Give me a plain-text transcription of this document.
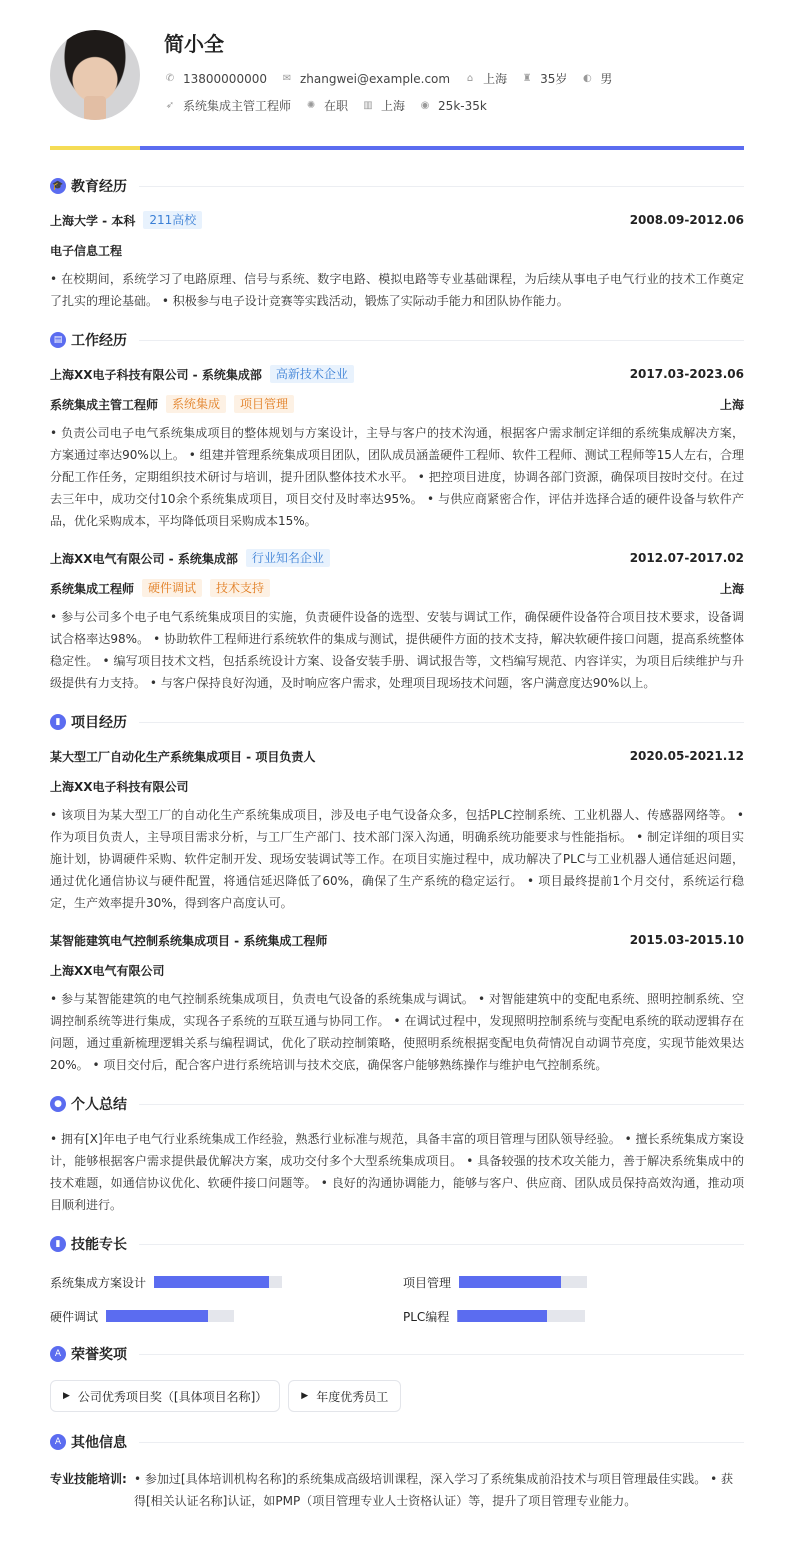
简小全
✆ 13800000000 ✉ zhangwei@example.com ⌂ 上海 ♜ 35岁 ◐ 男
➶ 系统集成主管工程师 ✺ 在职 ▥ 上海 ◉ 25k-35k
🎓 教育经历
上海大学 - 本科	211高校	2008.09-2012.06
电子信息工程
• 在校期间，系统学习了电路原理、信号与系统、数字电路、模拟电路等专业基础课程，为后续从事电子电气行业的技术工作奠定了扎实的理论基础。 • 积极参与电子设计竞赛等实践活动，锻炼了实际动手能力和团队协作能力。
▤ 工作经历
上海XX电子科技有限公司 - 系统集成部	高新技术企业	2017.03-2023.06
系统集成主管工程师	系统集成	项目管理	上海
• 负责公司电子电气系统集成项目的整体规划与方案设计，主导与客户的技术沟通，根据客户需求制定详细的系统集成解决方案，方案通过率达90%以上。 • 组建并管理系统集成项目团队，团队成员涵盖硬件工程师、软件工程师、测试工程师等15人左右，合理分配工作任务，定期组织技术研讨与培训，提升团队整体技术水平。 • 把控项目进度，协调各部门资源，确保项目按时交付。在过去三年中，成功交付10余个系统集成项目，项目交付及时率达95%。 • 与供应商紧密合作，评估并选择合适的硬件设备与软件产品，优化采购成本，平均降低项目采购成本15%。
上海XX电气有限公司 - 系统集成部	行业知名企业	2012.07-2017.02
系统集成工程师	硬件调试	技术支持	上海
• 参与公司多个电子电气系统集成项目的实施，负责硬件设备的选型、安装与调试工作，确保硬件设备符合项目技术要求，设备调试合格率达98%。 • 协助软件工程师进行系统软件的集成与测试，提供硬件方面的技术支持，解决软硬件接口问题，提高系统整体稳定性。 • 编写项目技术文档，包括系统设计方案、设备安装手册、调试报告等，文档编写规范、内容详实，为项目后续维护与升级提供有力支持。 • 与客户保持良好沟通，及时响应客户需求，处理项目现场技术问题，客户满意度达90%以上。
▮ 项目经历
某大型工厂自动化生产系统集成项目 - 项目负责人	2020.05-2021.12
上海XX电子科技有限公司
• 该项目为某大型工厂的自动化生产系统集成项目，涉及电子电气设备众多，包括PLC控制系统、工业机器人、传感器网络等。 • 作为项目负责人，主导项目需求分析，与工厂生产部门、技术部门深入沟通，明确系统功能要求与性能指标。 • 制定详细的项目实施计划，协调硬件采购、软件定制开发、现场安装调试等工作。在项目实施过程中，成功解决了PLC与工业机器人通信延迟问题，通过优化通信协议与硬件配置，将通信延迟降低了60%，确保了生产系统的稳定运行。 • 项目最终提前1个月交付，系统运行稳定，生产效率提升30%，得到客户高度认可。
某智能建筑电气控制系统集成项目 - 系统集成工程师	2015.03-2015.10
上海XX电气有限公司
• 参与某智能建筑的电气控制系统集成项目，负责电气设备的系统集成与调试。 • 对智能建筑中的变配电系统、照明控制系统、空调控制系统等进行集成，实现各子系统的互联互通与协同工作。 • 在调试过程中，发现照明控制系统与变配电系统的联动逻辑存在问题，通过重新梳理逻辑关系与编程调试，优化了联动控制策略，使照明系统根据变配电负荷情况自动调节亮度，实现节能效果达20%。 • 项目交付后，配合客户进行系统培训与技术交底，确保客户能够熟练操作与维护电气控制系统。
● 个人总结
• 拥有[X]年电子电气行业系统集成工作经验，熟悉行业标准与规范，具备丰富的项目管理与团队领导经验。 • 擅长系统集成方案设计，能够根据客户需求提供最优解决方案，成功交付多个大型系统集成项目。 • 具备较强的技术攻关能力，善于解决系统集成中的技术难题，如通信协议优化、软硬件接口问题等。 • 良好的沟通协调能力，能够与客户、供应商、团队成员保持高效沟通，推动项目顺利进行。
▮ 技能专长
系统集成方案设计	项目管理
硬件调试	PLC编程
A 荣誉奖项
▶ 公司优秀项目奖（[具体项目名称]）	▶ 年度优秀员工
A 其他信息
专业技能培训: • 参加过[具体培训机构名称]的系统集成高级培训课程，深入学习了系统集成前沿技术与项目管理最佳实践。 • 获得[相关认证名称]认证，如PMP（项目管理专业人士资格认证）等，提升了项目管理专业能力。
